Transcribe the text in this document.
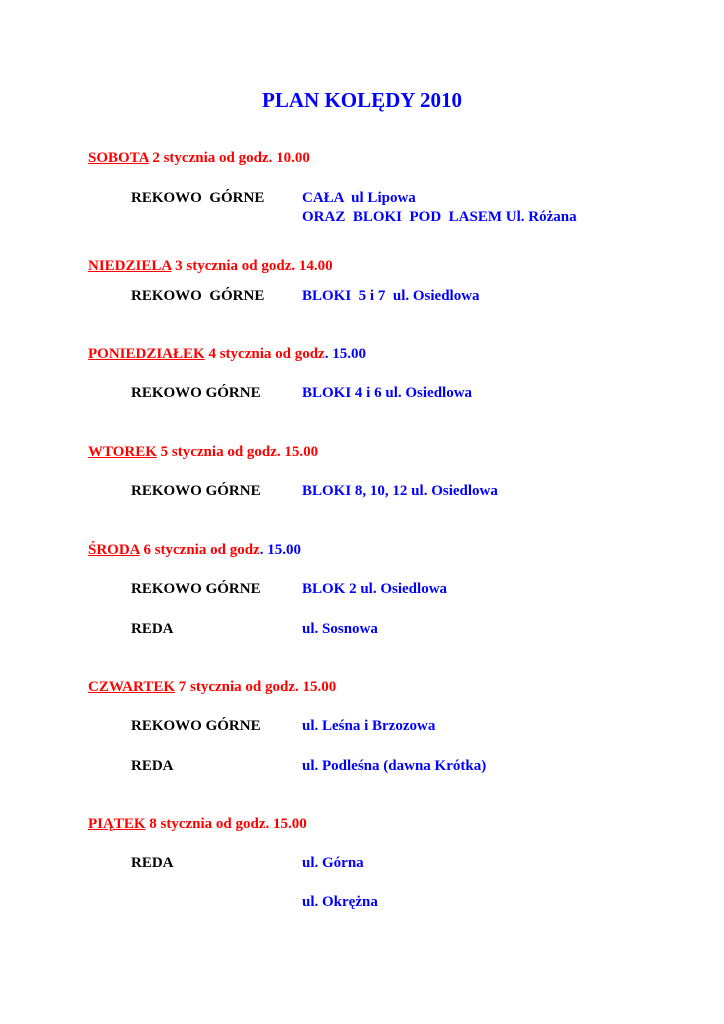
PLAN KOLĘDY 2010
SOBOTA 2 stycznia od godz. 10.00
REKOWO  GÓRNE	CAŁA  ul Lipowa
ORAZ  BLOKI  POD  LASEM Ul. Różana
NIEDZIELA 3 stycznia od godz. 14.00
REKOWO  GÓRNE	BLOKI  5 i 7  ul. Osiedlowa
PONIEDZIAŁEK 4 stycznia od godz. 15.00
REKOWO GÓRNE	BLOKI 4 i 6 ul. Osiedlowa
WTOREK 5 stycznia od godz. 15.00
REKOWO GÓRNE	BLOKI 8, 10, 12 ul. Osiedlowa
ŚRODA 6 stycznia od godz. 15.00
REKOWO GÓRNE	BLOK 2 ul. Osiedlowa
REDA	ul. Sosnowa
CZWARTEK 7 stycznia od godz. 15.00
REKOWO GÓRNE	ul. Leśna i Brzozowa
REDA	ul. Podleśna (dawna Krótka)
PIĄTEK 8 stycznia od godz. 15.00
REDA	ul. Górna
ul. Okrężna
